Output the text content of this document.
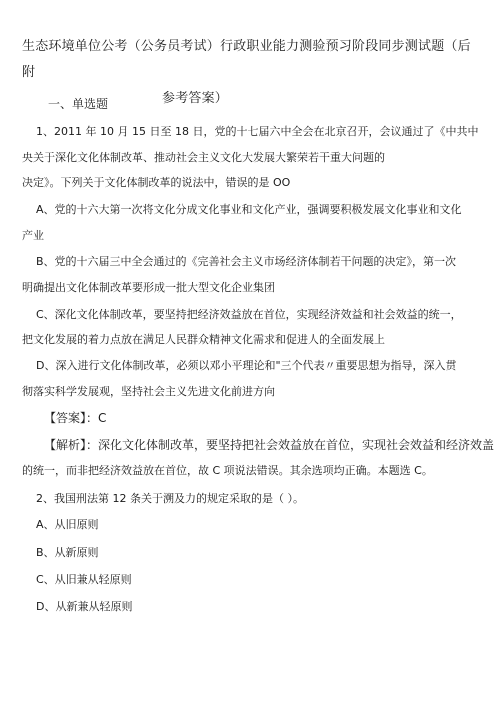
生态环境单位公考（公务员考试）行政职业能力测验预习阶段同步测试题（后附
参考答案）
一、单选题
1、2011 年 10 月 15 日至 18 日，党的十七届六中全会在北京召开，会议通过了《中共中
央关于深化文化体制改革、推动社会主义文化大发展大繁荣若干重大问题的
决定》。下列关于文化体制改革的说法中，错误的是 OO
A、党的十六大第一次将文化分成文化事业和文化产业，强调要积极发展文化事业和文化
产业
B、党的十六届三中全会通过的《完善社会主义市场经济体制若干问题的决定》，第一次
明确提出文化体制改革要形成一批大型文化企业集团
C、深化文化体制改革，要坚持把经济效益放在首位，实现经济效益和社会效益的统一，
把文化发展的着力点放在满足人民群众精神文化需求和促进人的全面发展上
D、深入进行文化体制改革，必须以邓小平理论和"三个代表〃重要思想为指导，深入贯
彻落实科学发展观，坚持社会主义先进文化前进方向
【答案】：C
【解析】：深化文化体制改革，要坚持把社会效益放在首位，实现社会效益和经济效盖
的统一，而非把经济效益放在首位，故 C 项说法错误。其余选项均正确。本题选 C。
2、我国刑法第 12 条关于溯及力的规定采取的是（ ）。
A、从旧原则
B、从新原则
C、从旧兼从轻原则
D、从新兼从轻原则
